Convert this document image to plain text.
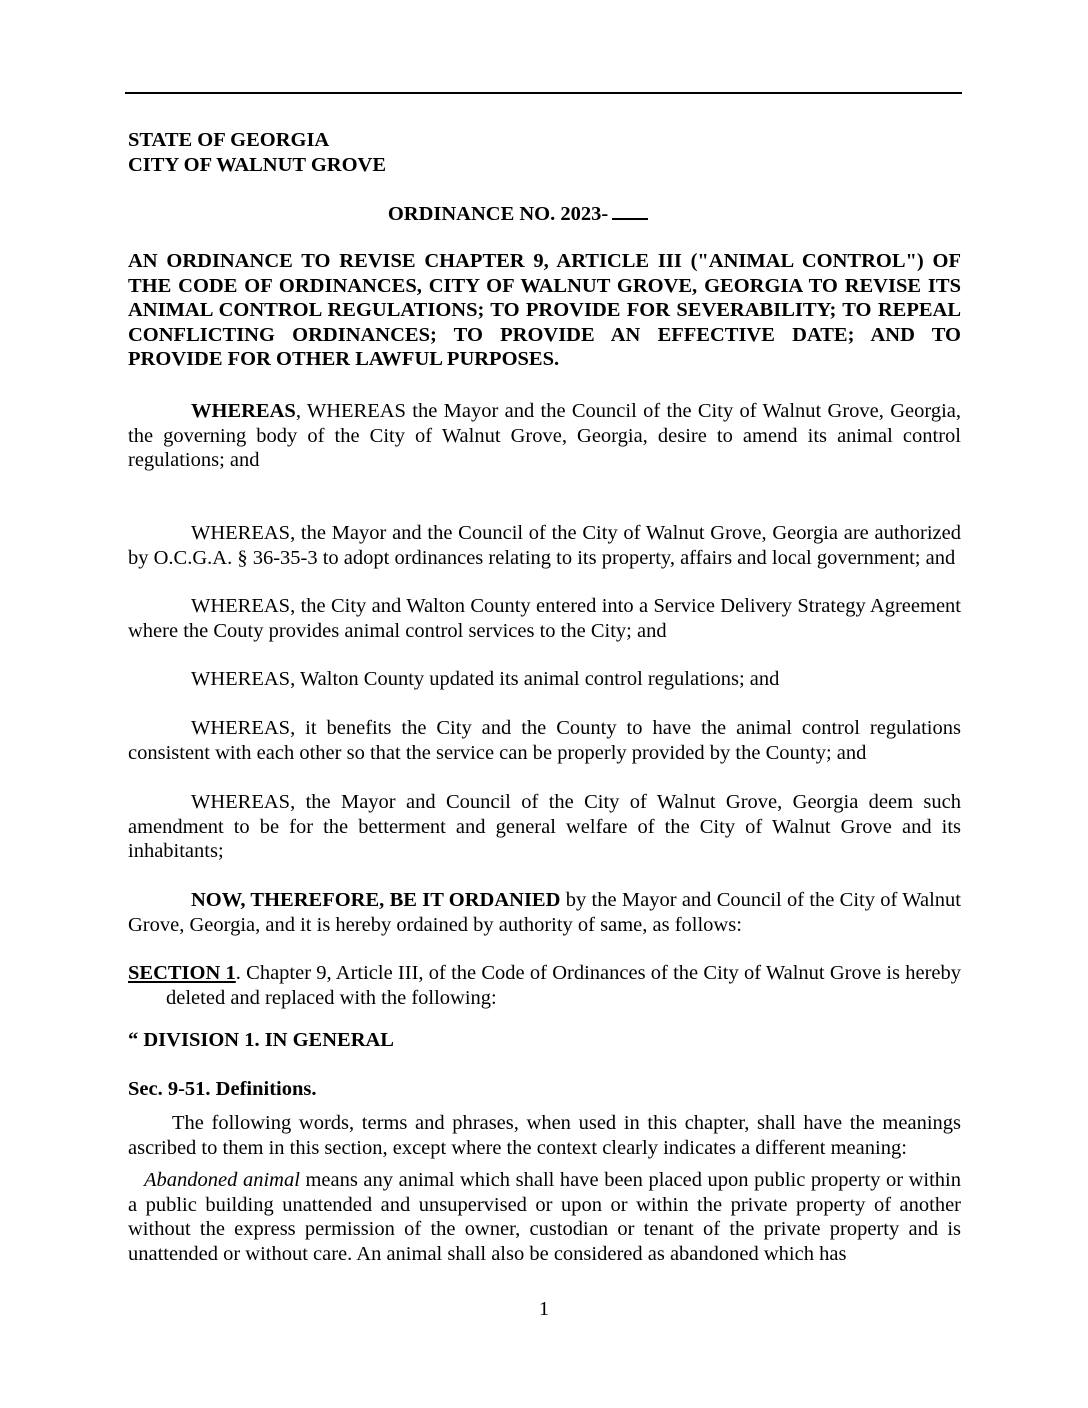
STATE OF GEORGIA
CITY OF WALNUT GROVE

ORDINANCE NO. 2023-

AN ORDINANCE TO REVISE CHAPTER 9, ARTICLE III ("ANIMAL CONTROL") OF THE CODE OF ORDINANCES, CITY OF WALNUT GROVE, GEORGIA TO REVISE ITS ANIMAL CONTROL REGULATIONS; TO PROVIDE FOR SEVERABILITY; TO REPEAL CONFLICTING ORDINANCES; TO PROVIDE AN EFFECTIVE DATE; AND TO PROVIDE FOR OTHER LAWFUL PURPOSES.

WHEREAS, WHEREAS the Mayor and the Council of the City of Walnut Grove, Georgia, the governing body of the City of Walnut Grove, Georgia, desire to amend its animal control regulations; and

WHEREAS, the Mayor and the Council of the City of Walnut Grove, Georgia are authorized by O.C.G.A. § 36-35-3 to adopt ordinances relating to its property, affairs and local government; and

WHEREAS, the City and Walton County entered into a Service Delivery Strategy Agreement where the Couty provides animal control services to the City; and

WHEREAS, Walton County updated its animal control regulations; and

WHEREAS, it benefits the City and the County to have the animal control regulations consistent with each other so that the service can be properly provided by the County; and

WHEREAS, the Mayor and Council of the City of Walnut Grove, Georgia deem such amendment to be for the betterment and general welfare of the City of Walnut Grove and its inhabitants;

NOW, THEREFORE, BE IT ORDANIED by the Mayor and Council of the City of Walnut Grove, Georgia, and it is hereby ordained by authority of same, as follows:

SECTION 1. Chapter 9, Article III, of the Code of Ordinances of the City of Walnut Grove is hereby deleted and replaced with the following:

“ DIVISION 1. IN GENERAL

Sec. 9-51. Definitions.

The following words, terms and phrases, when used in this chapter, shall have the meanings ascribed to them in this section, except where the context clearly indicates a different meaning:

Abandoned animal means any animal which shall have been placed upon public property or within a public building unattended and unsupervised or upon or within the private property of another without the express permission of the owner, custodian or tenant of the private property and is unattended or without care. An animal shall also be considered as abandoned which has

1
